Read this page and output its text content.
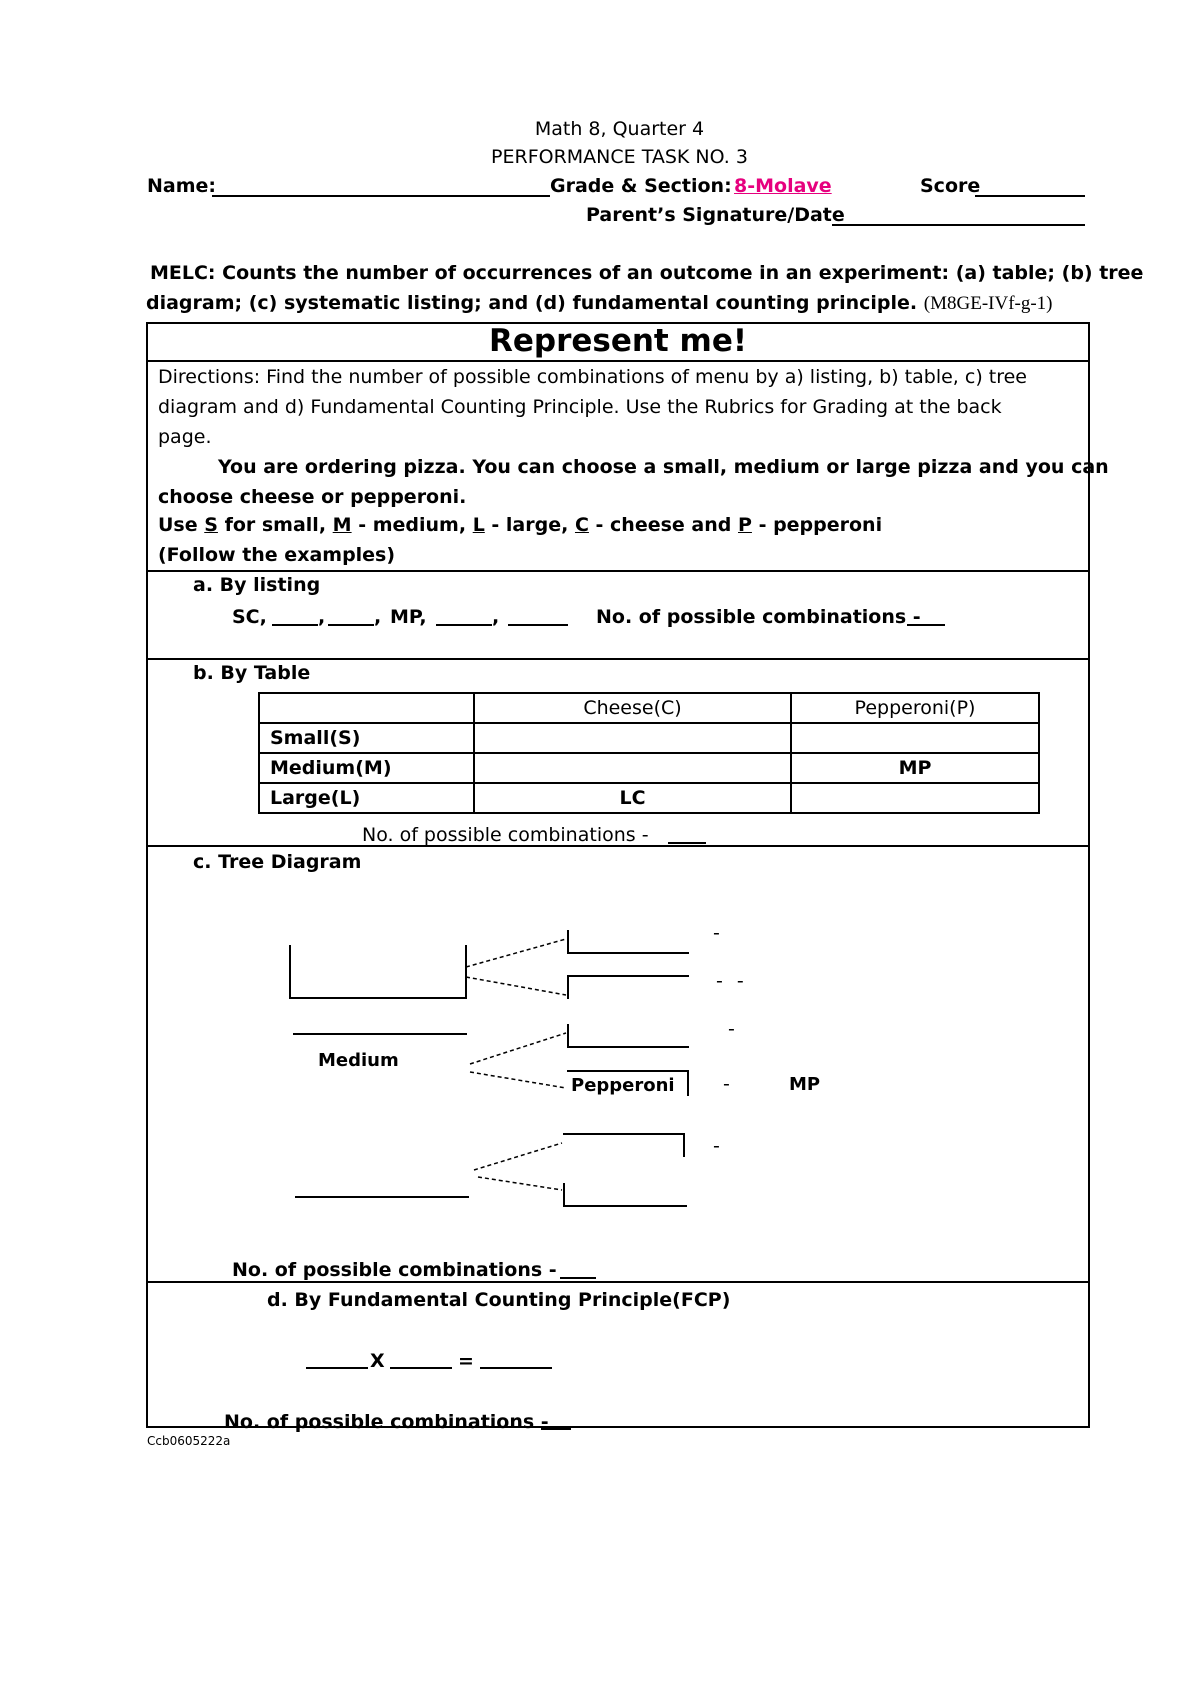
Math 8, Quarter 4
PERFORMANCE TASK NO. 3
Name:	Grade & Section: 8-Molave	Score
Parent’s Signature/Date
MELC: Counts the number of occurrences of an outcome in an experiment: (a) table; (b) tree
diagram; (c) systematic listing; and (d) fundamental counting principle. (M8GE-IVf-g-1)
Represent me!
Directions: Find the number of possible combinations of menu by a) listing, b) table, c) tree
diagram and d) Fundamental Counting Principle. Use the Rubrics for Grading at the back
page.
You are ordering pizza. You can choose a small, medium or large pizza and you can
choose cheese or pepperoni.
Use S for small, M - medium, L - large, C - cheese and P - pepperoni
(Follow the examples)
a. By listing
SC,	,	, MP,	,	No. of possible combinations -
b. By Table
	Cheese(C)	Pepperoni(P)
Small(S)		
Medium(M)		MP
Large(L)	LC	
No. of possible combinations -
c. Tree Diagram
-
- -
Medium
-
Pepperoni	-	MP
-
No. of possible combinations -
d. By Fundamental Counting Principle(FCP)
X	=
No. of possible combinations -
Ccb0605222a
